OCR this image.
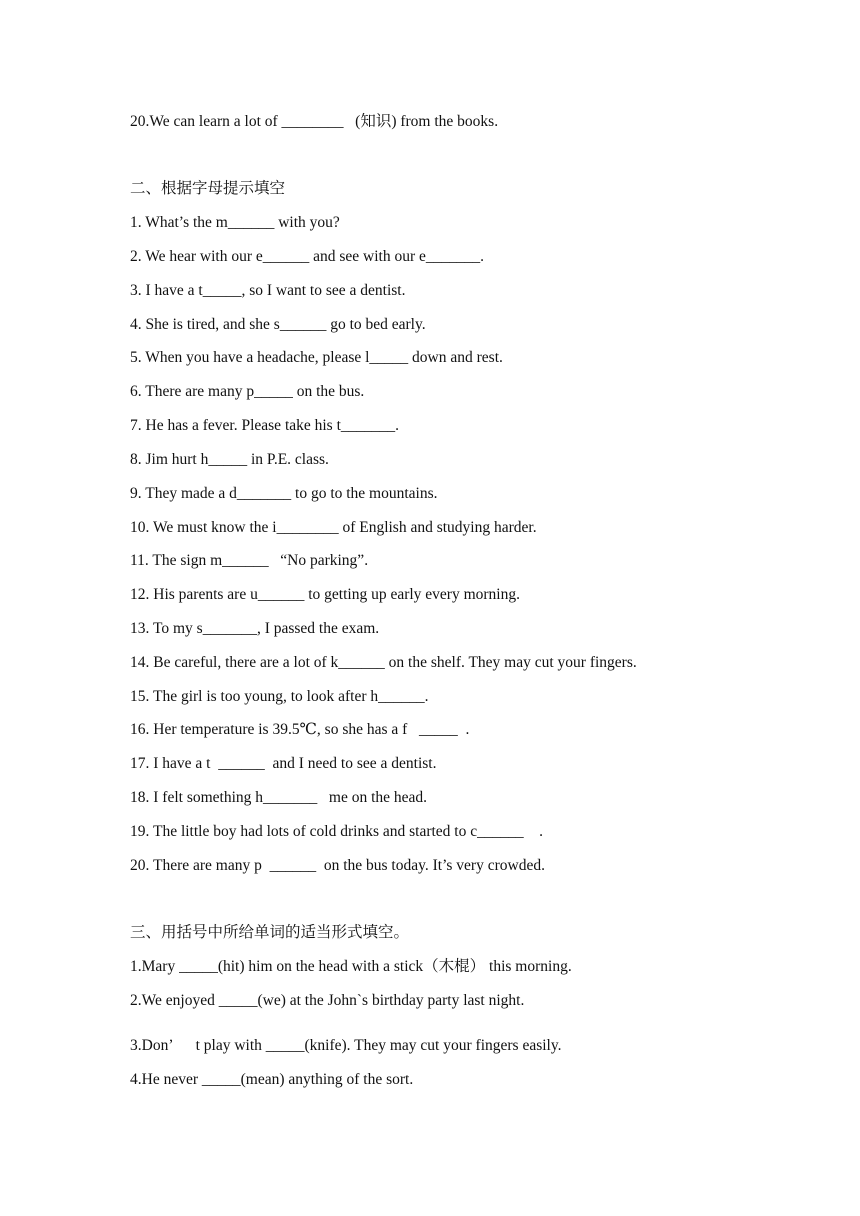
20.We can learn a lot of ________   (知识) from the books.

二、根据字母提示填空

1. What’s the m______ with you?

2. We hear with our e______ and see with our e_______.

3. I have a t_____, so I want to see a dentist.

4. She is tired, and she s______ go to bed early.

5. When you have a headache, please l_____ down and rest.

6. There are many p_____ on the bus.

7. He has a fever. Please take his t_______.

8. Jim hurt h_____ in P.E. class.

9. They made a d_______ to go to the mountains.

10. We must know the i________ of English and studying harder.

11. The sign m______   “No parking”.

12. His parents are u______ to getting up early every morning.

13. To my s_______, I passed the exam.

14. Be careful, there are a lot of k______ on the shelf. They may cut your fingers.

15. The girl is too young, to look after h______.

16. Her temperature is 39.5℃, so she has a f   _____  .

17. I have a t  ______  and I need to see a dentist.

18. I felt something h_______   me on the head.

19. The little boy had lots of cold drinks and started to c______    .

20. There are many p  ______  on the bus today. It’s very crowded.

三、用括号中所给单词的适当形式填空。

1.Mary _____(hit) him on the head with a stick（木棍） this morning.

2.We enjoyed _____(we) at the John`s birthday party last night.

3.Don’      t play with _____(knife). They may cut your fingers easily.

4.He never _____(mean) anything of the sort.
